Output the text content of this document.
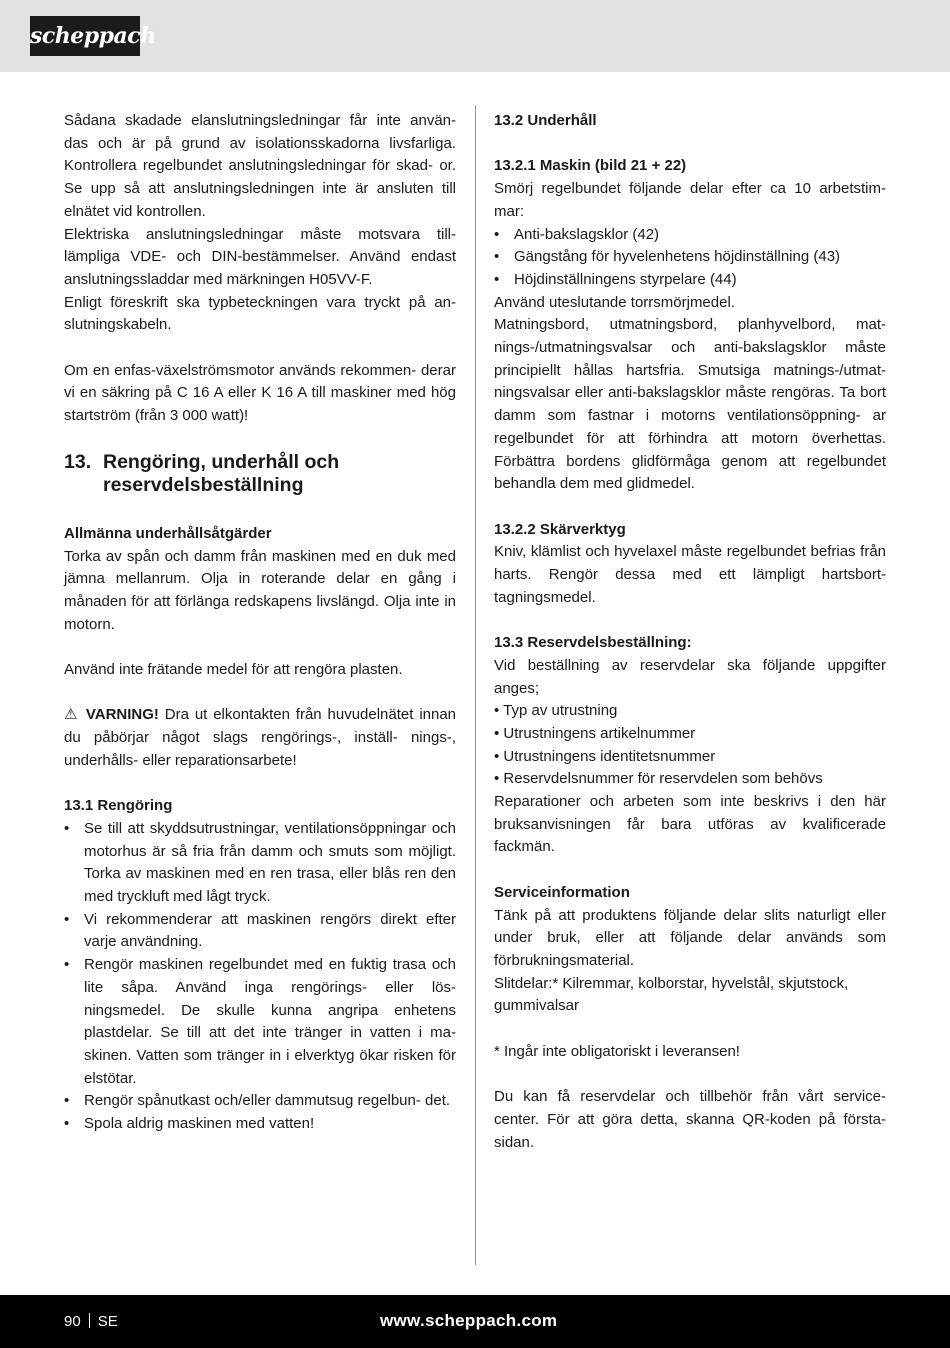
scheppach

Sådana skadade elanslutningsledningar får inte använ- das och är på grund av isolationsskadorna livsfarliga. Kontrollera regelbundet anslutningsledningar för skad- or. Se upp så att anslutningsledningen inte är ansluten till elnätet vid kontrollen.

Elektriska anslutningsledningar måste motsvara till- lämpliga VDE- och DIN-bestämmelser. Använd endast anslutningssladdar med märkningen H05VV-F.

Enligt föreskrift ska typbeteckningen vara tryckt på an- slutningskabeln.

Om en enfas-växelströmsmotor används rekommen- derar vi en säkring på C 16 A eller K 16 A till maskiner med hög startström (från 3 000 watt)!

13. Rengöring, underhåll och
reservdelsbeställning

Allmänna underhållsåtgärder

Torka av spån och damm från maskinen med en duk med jämna mellanrum. Olja in roterande delar en gång i månaden för att förlänga redskapens livslängd. Olja inte in motorn.

Använd inte frätande medel för att rengöra plasten.

⚠ VARNING! Dra ut elkontakten från huvudelnätet innan du påbörjar något slags rengörings-, inställ- nings-, underhålls- eller reparationsarbete!

13.1 Rengöring

• Se till att skyddsutrustningar, ventilationsöppningar och motorhus är så fria från damm och smuts som möjligt. Torka av maskinen med en ren trasa, eller blås ren den med tryckluft med lågt tryck.
• Vi rekommenderar att maskinen rengörs direkt efter varje användning.
• Rengör maskinen regelbundet med en fuktig trasa och lite såpa. Använd inga rengörings- eller lös- ningsmedel. De skulle kunna angripa enhetens plastdelar. Se till att det inte tränger in vatten i ma- skinen. Vatten som tränger in i elverktyg ökar risken för elstötar.
• Rengör spånutkast och/eller dammutsug regelbun- det.
• Spola aldrig maskinen med vatten!

13.2 Underhåll

13.2.1 Maskin (bild 21 + 22)

Smörj regelbundet följande delar efter ca 10 arbetstim- mar:

• Anti-bakslagsklor (42)
• Gängstång för hyvelenhetens höjdinställning (43)
• Höjdinställningens styrpelare (44)

Använd uteslutande torrsmörjmedel.

Matningsbord, utmatningsbord, planhyvelbord, mat- nings-/utmatningsvalsar och anti-bakslagsklor måste principiellt hållas hartsfria. Smutsiga matnings-/utmat- ningsvalsar eller anti-bakslagsklor måste rengöras. Ta bort damm som fastnar i motorns ventilationsöppning- ar regelbundet för att förhindra att motorn överhettas. Förbättra bordens glidförmåga genom att regelbundet behandla dem med glidmedel.

13.2.2 Skärverktyg

Kniv, klämlist och hyvelaxel måste regelbundet befrias från harts. Rengör dessa med ett lämpligt hartsbort- tagningsmedel.

13.3 Reservdelsbeställning:

Vid beställning av reservdelar ska följande uppgifter anges;

• Typ av utrustning

• Utrustningens artikelnummer

• Utrustningens identitetsnummer

• Reservdelsnummer för reservdelen som behövs

Reparationer och arbeten som inte beskrivs i den här bruksanvisningen får bara utföras av kvalificerade fackmän.

Serviceinformation

Tänk på att produktens följande delar slits naturligt eller under bruk, eller att följande delar används som förbrukningsmaterial.

Slitdelar:* Kilremmar, kolborstar, hyvelstål, skjutstock,
gummivalsar

* Ingår inte obligatoriskt i leveransen!

Du kan få reservdelar och tillbehör från vårt service- center. För att göra detta, skanna QR-koden på första- sidan.

90 SE	www.scheppach.com
